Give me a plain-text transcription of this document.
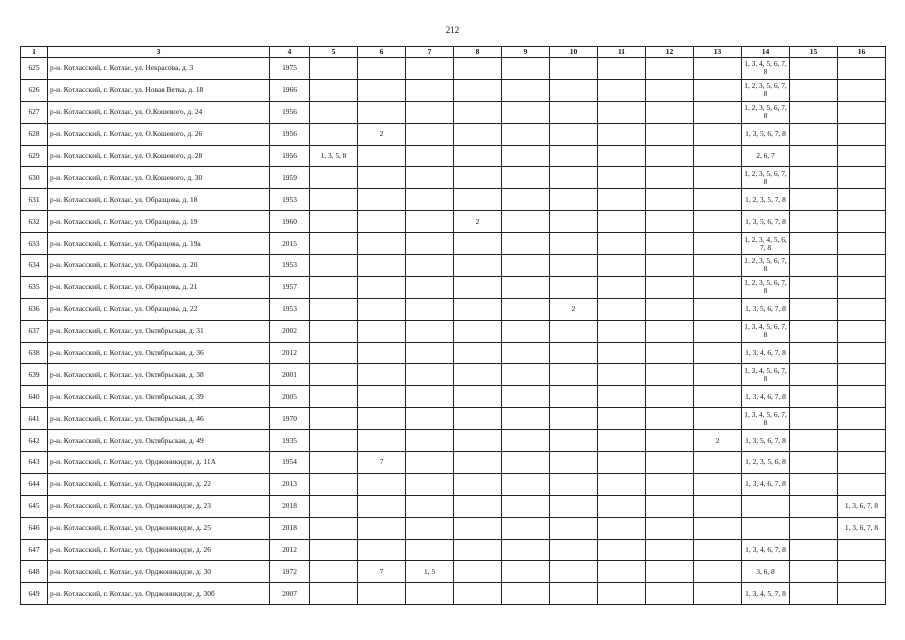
212
1	3	4	5	6	7	8	9	10	11	12	13	14	15	16
625	р-н. Котласский, г. Котлас, ул. Некрасова, д. 3	1975										1, 3, 4, 5, 6, 7, 8		
626	р-н. Котласский, г. Котлас, ул. Новая Ветка, д. 18	1966										1, 2, 3, 5, 6, 7, 8		
627	р-н. Котласский, г. Котлас, ул. О.Кошевого, д. 24	1956										1, 2, 3, 5, 6, 7, 8		
628	р-н. Котласский, г. Котлас, ул. О.Кошевого, д. 26	1956		2								1, 3, 5, 6, 7, 8		
629	р-н. Котласский, г. Котлас, ул. О.Кошевого, д. 28	1956	1, 3, 5, 8									2, 6, 7		
630	р-н. Котласский, г. Котлас, ул. О.Кошевого, д. 30	1959										1, 2, 3, 5, 6, 7, 8		
631	р-н. Котласский, г. Котлас, ул. Образцова, д. 18	1953										1, 2, 3, 5, 7, 8		
632	р-н. Котласский, г. Котлас, ул. Образцова, д. 19	1960				2						1, 3, 5, 6, 7, 8		
633	р-н. Котласский, г. Котлас, ул. Образцова, д. 19а	2015										1, 2, 3, 4, 5, 6, 7, 8		
634	р-н. Котласский, г. Котлас, ул. Образцова, д. 20	1953										1, 2, 3, 5, 6, 7, 8		
635	р-н. Котласский, г. Котлас, ул. Образцова, д. 21	1957										1, 2, 3, 5, 6, 7, 8		
636	р-н. Котласский, г. Котлас, ул. Образцова, д. 22	1953						2				1, 3, 5, 6, 7, 8		
637	р-н. Котласский, г. Котлас, ул. Октябрьская, д. 31	2002										1, 3, 4, 5, 6, 7, 8		
638	р-н. Котласский, г. Котлас, ул. Октябрьская, д. 36	2012										1, 3, 4, 6, 7, 8		
639	р-н. Котласский, г. Котлас, ул. Октябрьская, д. 38	2001										1, 3, 4, 5, 6, 7, 8		
640	р-н. Котласский, г. Котлас, ул. Октябрьская, д. 39	2005										1, 3, 4, 6, 7, 8		
641	р-н. Котласский, г. Котлас, ул. Октябрьская, д. 46	1970										1, 3, 4, 5, 6, 7, 8		
642	р-н. Котласский, г. Котлас, ул. Октябрьская, д. 49	1935									2	1, 3, 5, 6, 7, 8		
643	р-н. Котласский, г. Котлас, ул. Орджоникидзе, д. 11А	1954		7								1, 2, 3, 5, 6, 8		
644	р-н. Котласский, г. Котлас, ул. Орджоникидзе, д. 22	2013										1, 3, 4, 6, 7, 8		
645	р-н. Котласский, г. Котлас, ул. Орджоникидзе, д. 23	2018												1, 3, 6, 7, 8
646	р-н. Котласский, г. Котлас, ул. Орджоникидзе, д. 25	2018												1, 3, 6, 7, 8
647	р-н. Котласский, г. Котлас, ул. Орджоникидзе, д. 26	2012										1, 3, 4, 6, 7, 8		
648	р-н. Котласский, г. Котлас, ул. Орджоникидзе, д. 30	1972		7	1, 5							3, 6, 8		
649	р-н. Котласский, г. Котлас, ул. Орджоникидзе, д. 30б	2007										1, 3, 4, 5, 7, 8		
